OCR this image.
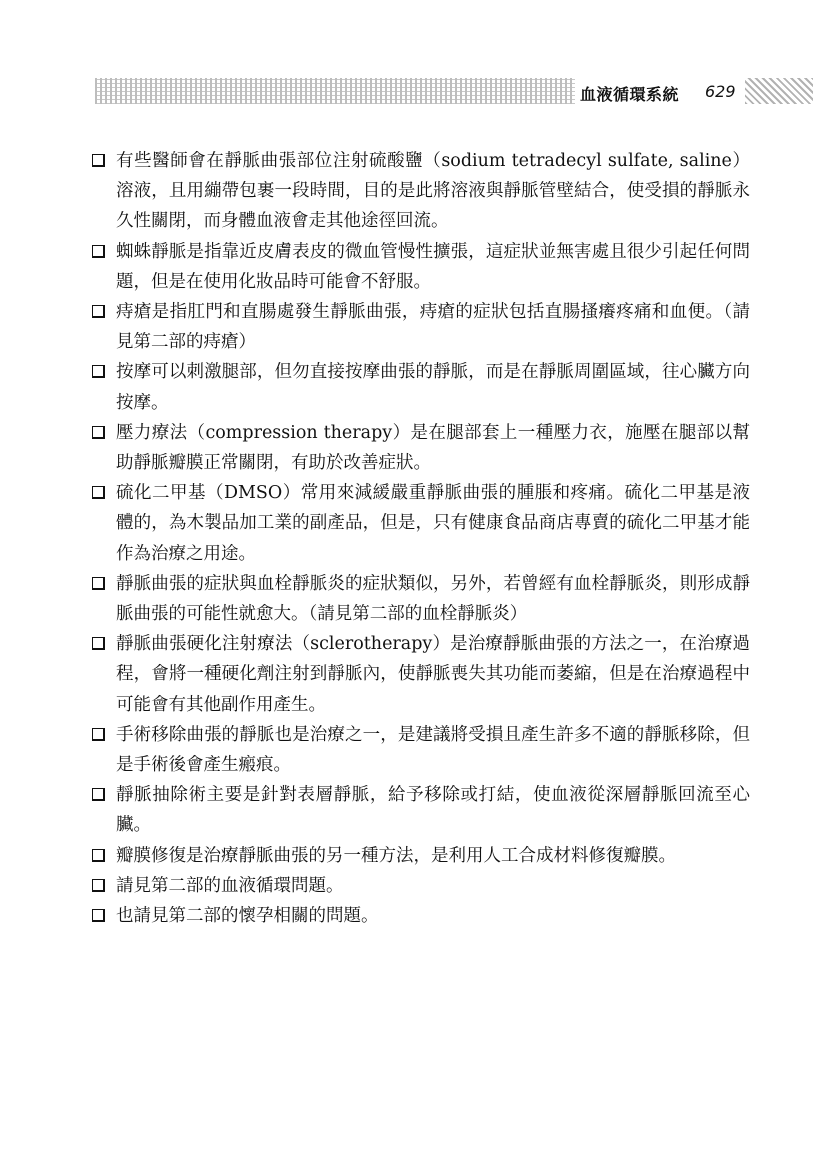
血液循環系統 629
有些醫師會在靜脈曲張部位注射硫酸鹽（sodium tetradecyl sulfate, saline）溶液，且用繃帶包裹一段時間，目的是此將溶液與靜脈管壁結合，使受損的靜脈永久性關閉，而身體血液會走其他途徑回流。
蜘蛛靜脈是指靠近皮膚表皮的微血管慢性擴張，這症狀並無害處且很少引起任何問題，但是在使用化妝品時可能會不舒服。
痔瘡是指肛門和直腸處發生靜脈曲張，痔瘡的症狀包括直腸搔癢疼痛和血便。（請見第二部的痔瘡）
按摩可以刺激腿部，但勿直接按摩曲張的靜脈，而是在靜脈周圍區域，往心臟方向按摩。
壓力療法（compression therapy）是在腿部套上一種壓力衣，施壓在腿部以幫助靜脈瓣膜正常關閉，有助於改善症狀。
硫化二甲基（DMSO）常用來減緩嚴重靜脈曲張的腫脹和疼痛。硫化二甲基是液體的，為木製品加工業的副產品，但是，只有健康食品商店專賣的硫化二甲基才能作為治療之用途。
靜脈曲張的症狀與血栓靜脈炎的症狀類似，另外，若曾經有血栓靜脈炎，則形成靜脈曲張的可能性就愈大。（請見第二部的血栓靜脈炎）
靜脈曲張硬化注射療法（sclerotherapy）是治療靜脈曲張的方法之一，在治療過程，會將一種硬化劑注射到靜脈內，使靜脈喪失其功能而萎縮，但是在治療過程中可能會有其他副作用產生。
手術移除曲張的靜脈也是治療之一，是建議將受損且產生許多不適的靜脈移除，但是手術後會產生瘢痕。
靜脈抽除術主要是針對表層靜脈，給予移除或打結，使血液從深層靜脈回流至心臟。
瓣膜修復是治療靜脈曲張的另一種方法，是利用人工合成材料修復瓣膜。
請見第二部的血液循環問題。
也請見第二部的懷孕相關的問題。
